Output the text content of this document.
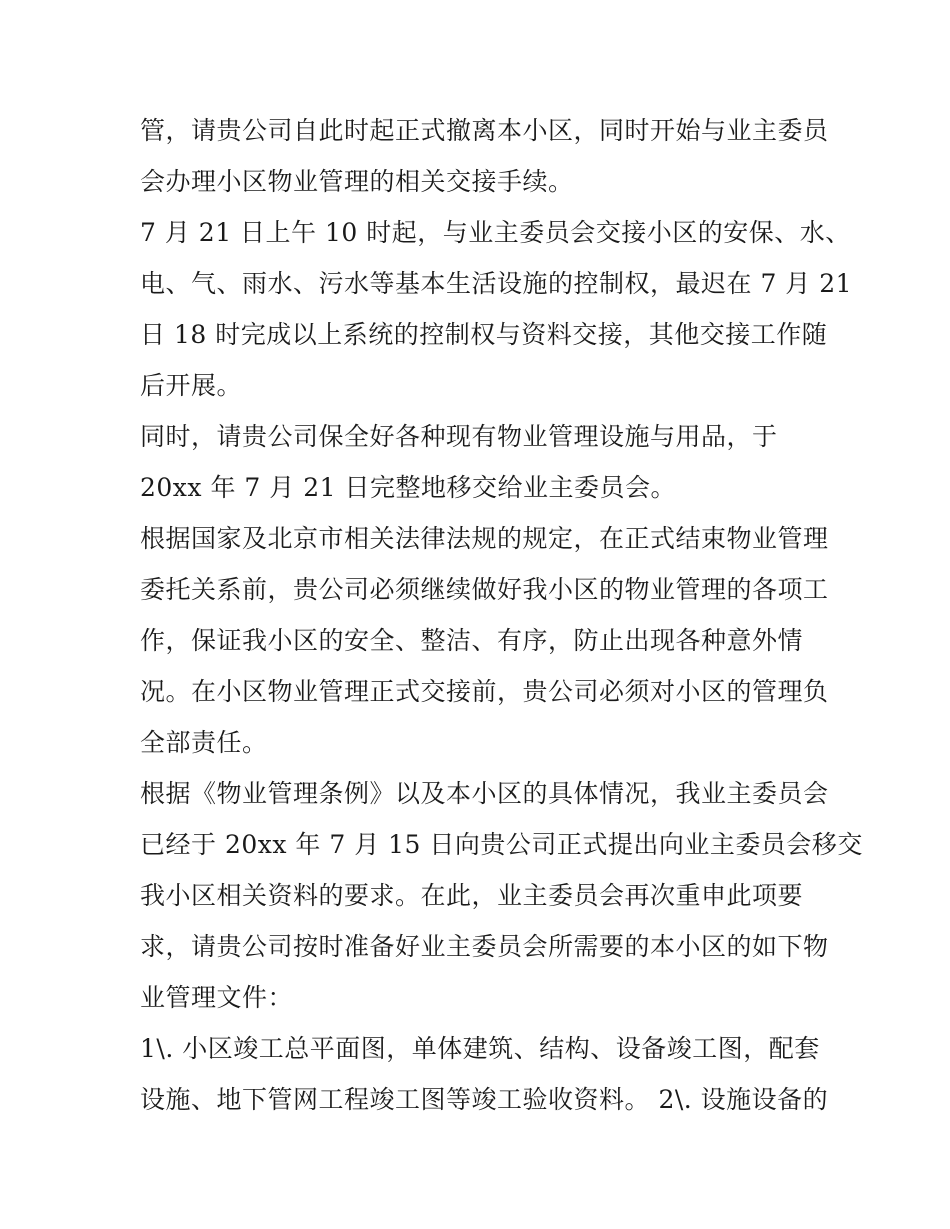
管，请贵公司自此时起正式撤离本小区，同时开始与业主委员
会办理小区物业管理的相关交接手续。
7 月 21 日上午 10 时起，与业主委员会交接小区的安保、水、
电、气、雨水、污水等基本生活设施的控制权，最迟在 7 月 21
日 18 时完成以上系统的控制权与资料交接，其他交接工作随
后开展。
同时，请贵公司保全好各种现有物业管理设施与用品，于
20xx 年 7 月 21 日完整地移交给业主委员会。
根据国家及北京市相关法律法规的规定，在正式结束物业管理
委托关系前，贵公司必须继续做好我小区的物业管理的各项工
作，保证我小区的安全、整洁、有序，防止出现各种意外情
况。在小区物业管理正式交接前，贵公司必须对小区的管理负
全部责任。
根据《物业管理条例》以及本小区的具体情况，我业主委员会
已经于 20xx 年 7 月 15 日向贵公司正式提出向业主委员会移交
我小区相关资料的要求。在此，业主委员会再次重申此项要
求，请贵公司按时准备好业主委员会所需要的本小区的如下物
业管理文件：
1\. 小区竣工总平面图，单体建筑、结构、设备竣工图，配套
设施、地下管网工程竣工图等竣工验收资料。 2\. 设施设备的
